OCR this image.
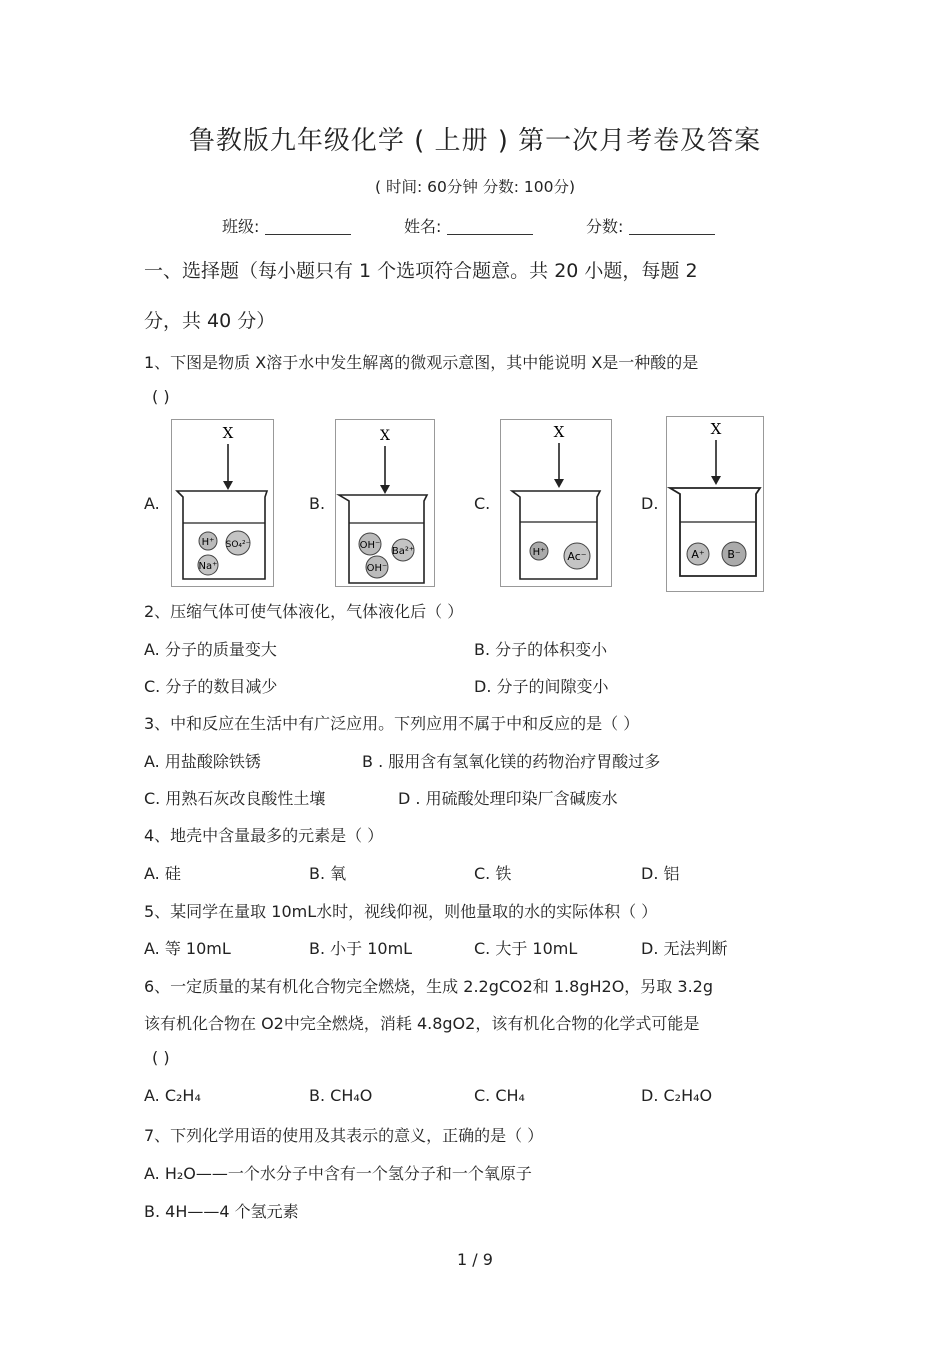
鲁教版九年级化学 ( 上册 ) 第一次月考卷及答案
( 时间: 60分钟 分数: 100分)
班级:	姓名:	分数:
一、选择题（每小题只有 1 个选项符合题意。共 20 小题，每题 2
分，共 40 分）
1、下图是物质 X溶于水中发生解离的微观示意图，其中能说明 X是一种酸的是
( )
A.
X
H⁺ SO₄²⁻
Na⁺
B.
X
OH⁻
Ba²⁺
OH⁻
C.
X
H⁺ Ac⁻
D.
X
A⁺ B⁻
2、压缩气体可使气体液化，气体液化后（ ）
A. 分子的质量变大	B. 分子的体积变小
C. 分子的数目减少	D. 分子的间隙变小
3、中和反应在生活中有广泛应用。下列应用不属于中和反应的是（ ）
A. 用盐酸除铁锈	B . 服用含有氢氧化镁的药物治疗胃酸过多
C. 用熟石灰改良酸性土壤	D . 用硫酸处理印染厂含碱废水
4、地壳中含量最多的元素是（ ）
A. 硅	B. 氧	C. 铁	D. 铝
5、某同学在量取 10mL水时，视线仰视，则他量取的水的实际体积（ ）
A. 等 10mL	B. 小于 10mL	C. 大于 10mL	D. 无法判断
6、一定质量的某有机化合物完全燃烧，生成 2.2gCO2和 1.8gH2O，另取 3.2g
该有机化合物在 O2中完全燃烧，消耗 4.8gO2，该有机化合物的化学式可能是
( )
A. C₂H₄	B. CH₄O	C. CH₄	D. C₂H₄O
7、下列化学用语的使用及其表示的意义，正确的是（ ）
A. H₂O——一个水分子中含有一个氢分子和一个氧原子
B. 4H——4 个氢元素
1 / 9
